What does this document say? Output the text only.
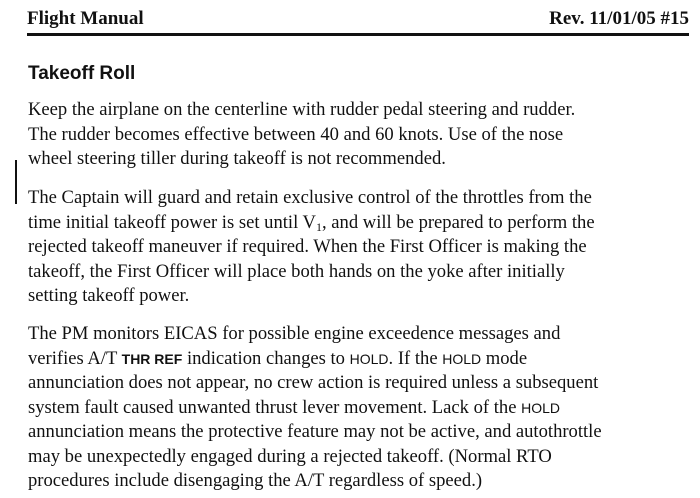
Flight Manual	Rev. 11/01/05 #15
Takeoff Roll
Keep the airplane on the centerline with rudder pedal steering and rudder.
The rudder becomes effective between 40 and 60 knots. Use of the nose
wheel steering tiller during takeoff is not recommended.
The Captain will guard and retain exclusive control of the throttles from the
time initial takeoff power is set until $V_1$, and will be prepared to perform the
rejected takeoff maneuver if required. When the First Officer is making the
takeoff, the First Officer will place both hands on the yoke after initially
setting takeoff power.
The PM monitors EICAS for possible engine exceedence messages and
verifies A/T THR REF indication changes to HOLD. If the HOLD mode
annunciation does not appear, no crew action is required unless a subsequent
system fault caused unwanted thrust lever movement. Lack of the HOLD
annunciation means the protective feature may not be active, and autothrottle
may be unexpectedly engaged during a rejected takeoff. (Normal RTO
procedures include disengaging the A/T regardless of speed.)
